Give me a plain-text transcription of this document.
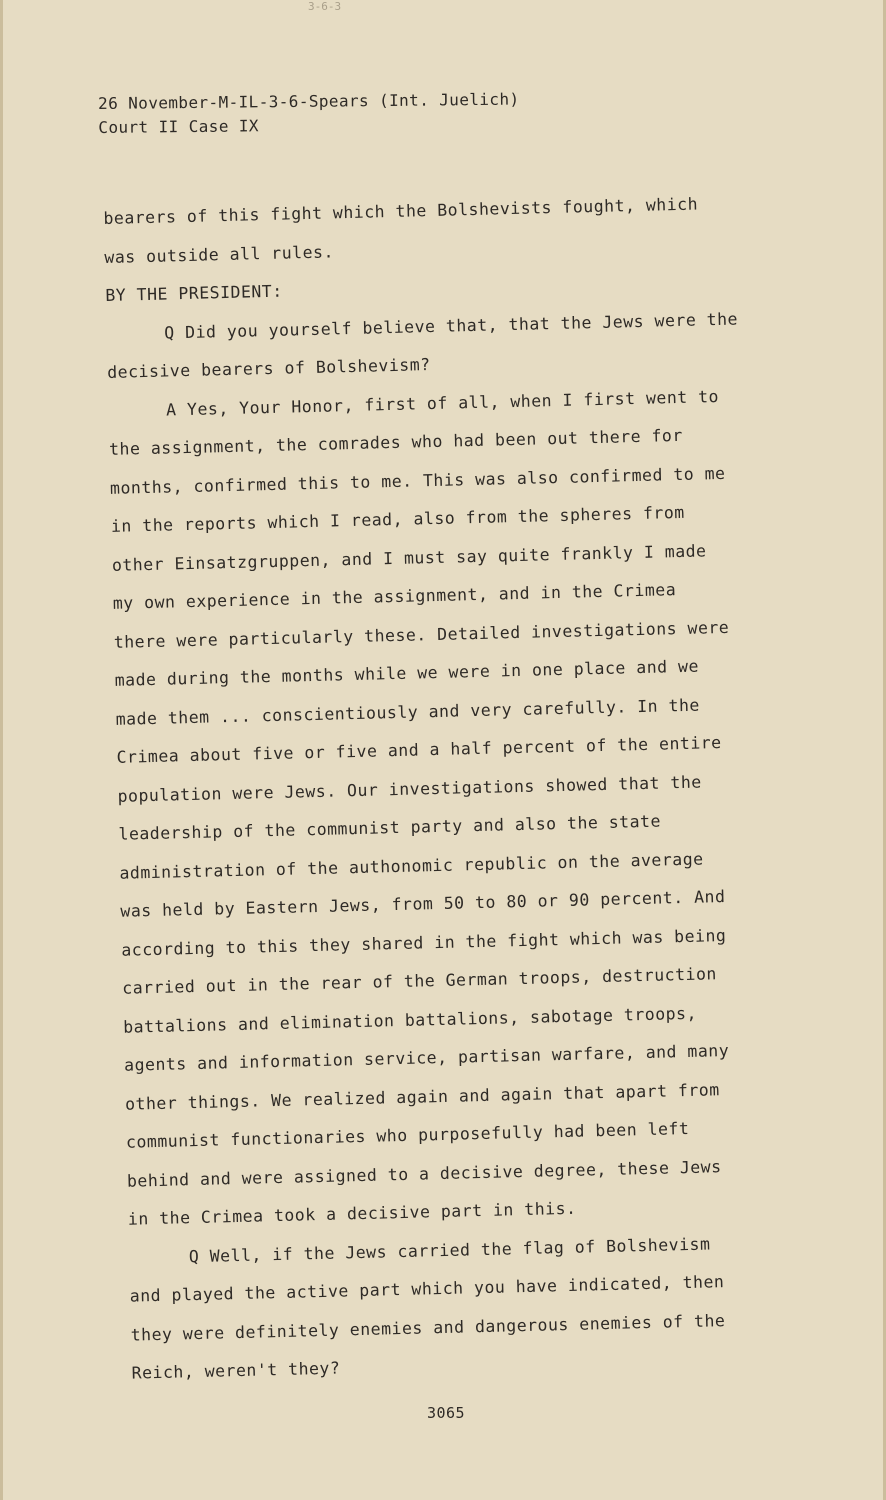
3-6-3
26 November-M-IL-3-6-Spears (Int. Juelich)
Court II Case IX
bearers of this fight which the Bolshevists fought, which
was outside all rules.
BY THE PRESIDENT:
Q Did you yourself believe that, that the Jews were the
decisive bearers of Bolshevism?
A Yes, Your Honor, first of all, when I first went to
the assignment, the comrades who had been out there for
months, confirmed this to me. This was also confirmed to me
in the reports which I read, also from the spheres from
other Einsatzgruppen, and I must say quite frankly I made
my own experience in the assignment, and in the Crimea
there were particularly these. Detailed investigations were
made during the months while we were in one place and we
made them ... conscientiously and very carefully. In the
Crimea about five or five and a half percent of the entire
population were Jews. Our investigations showed that the
leadership of the communist party and also the state
administration of the authonomic republic on the average
was held by Eastern Jews, from 50 to 80 or 90 percent. And
according to this they shared in the fight which was being
carried out in the rear of the German troops, destruction
battalions and elimination battalions, sabotage troops,
agents and information service, partisan warfare, and many
other things. We realized again and again that apart from
communist functionaries who purposefully had been left
behind and were assigned to a decisive degree, these Jews
in the Crimea took a decisive part in this.
Q Well, if the Jews carried the flag of Bolshevism
and played the active part which you have indicated, then
they were definitely enemies and dangerous enemies of the
Reich, weren't they?
3065
